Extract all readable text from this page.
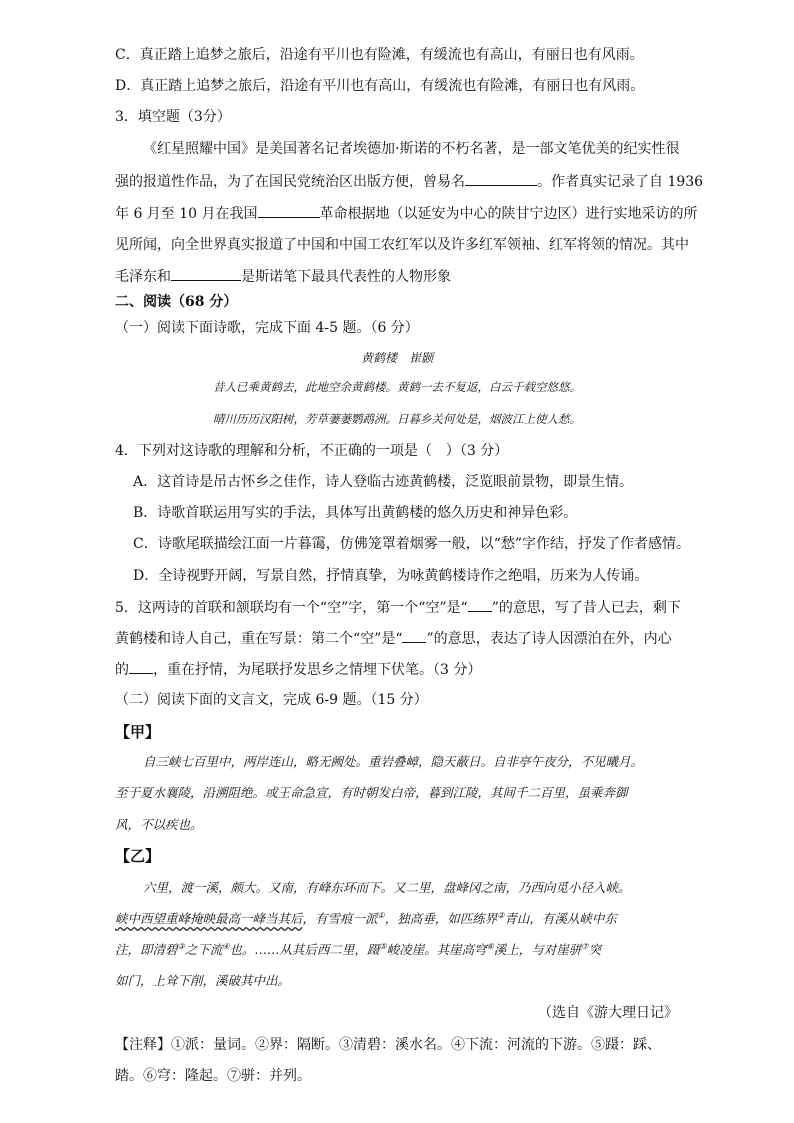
C．真正踏上追梦之旅后，沿途有平川也有险滩，有缓流也有高山，有丽日也有风雨。
D．真正踏上追梦之旅后，沿途有平川也有高山，有缓流也有险滩，有丽日也有风雨。
3．填空题（3分）
《红星照耀中国》是美国著名记者埃德加·斯诺的不朽名著，是一部文笔优美的纪实性很
强的报道性作品，为了在国民党统治区出版方便，曾易名	。作者真实记录了自 1936
年 6 月至 10 月在我国	革命根据地（以延安为中心的陕甘宁边区）进行实地采访的所
见所闻，向全世界真实报道了中国和中国工农红军以及许多红军领袖、红军将领的情况。其中
毛泽东和	是斯诺笔下最具代表性的人物形象
二、阅读（68 分）
（一）阅读下面诗歌，完成下面 4-5 题。（6 分）
黄鹤楼　崔颢
昔人已乘黄鹤去，此地空余黄鹤楼。黄鹤一去不复返，白云千载空悠悠。
晴川历历汉阳树，芳草萋萋鹦鹉洲。日暮乡关何处是，烟波江上使人愁。
4．下列对这诗歌的理解和分析，不正确的一项是（　）（3 分）
A．这首诗是吊古怀乡之佳作，诗人登临古迹黄鹤楼，泛览眼前景物，即景生情。
B．诗歌首联运用写实的手法，具体写出黄鹤楼的悠久历史和神异色彩。
C．诗歌尾联描绘江面一片暮霭，仿佛笼罩着烟雾一般，以“愁”字作结，抒发了作者感情。
D．全诗视野开阔，写景自然，抒情真挚，为咏黄鹤楼诗作之绝唱，历来为人传诵。
5．这两诗的首联和颔联均有一个“空”字，第一个“空”是“ ”的意思，写了昔人已去，剩下
黄鹤楼和诗人自己，重在写景：第二个“空”是“ ”的意思，表达了诗人因漂泊在外，内心
的 ，重在抒情，为尾联抒发思乡之情埋下伏笔。（3 分）
（二）阅读下面的文言文，完成 6-9 题。（15 分）
【甲】
自三峡七百里中，两岸连山，略无阙处。重岩叠嶂，隐天蔽日。自非亭午夜分，不见曦月。
至于夏水襄陵，沿溯阻绝。或王命急宣，有时朝发白帝，暮到江陵，其间千二百里，虽乘奔御
风，不以疾也。
【乙】
六里，渡一溪，颇大。又南，有峰东环而下。又二里，盘峰冈之南，乃西向觅小径入峡。
峡中西望重峰掩映最高一峰当其后，有雪痕一派①，独高垂，如匹练界②青山，有溪从峡中东
注，即清碧③之下流④也。……从其后西二里，蹑⑤峻凌崖。其崖高穹⑥溪上，与对崖骈⑦突
如门，上耸下削，溪破其中出。
（选自《游大理日记》
【注释】①派：量词。②界：隔断。③清碧：溪水名。④下流：河流的下游。⑤蹑：踩、
踏。⑥穹：隆起。⑦骈：并列。
